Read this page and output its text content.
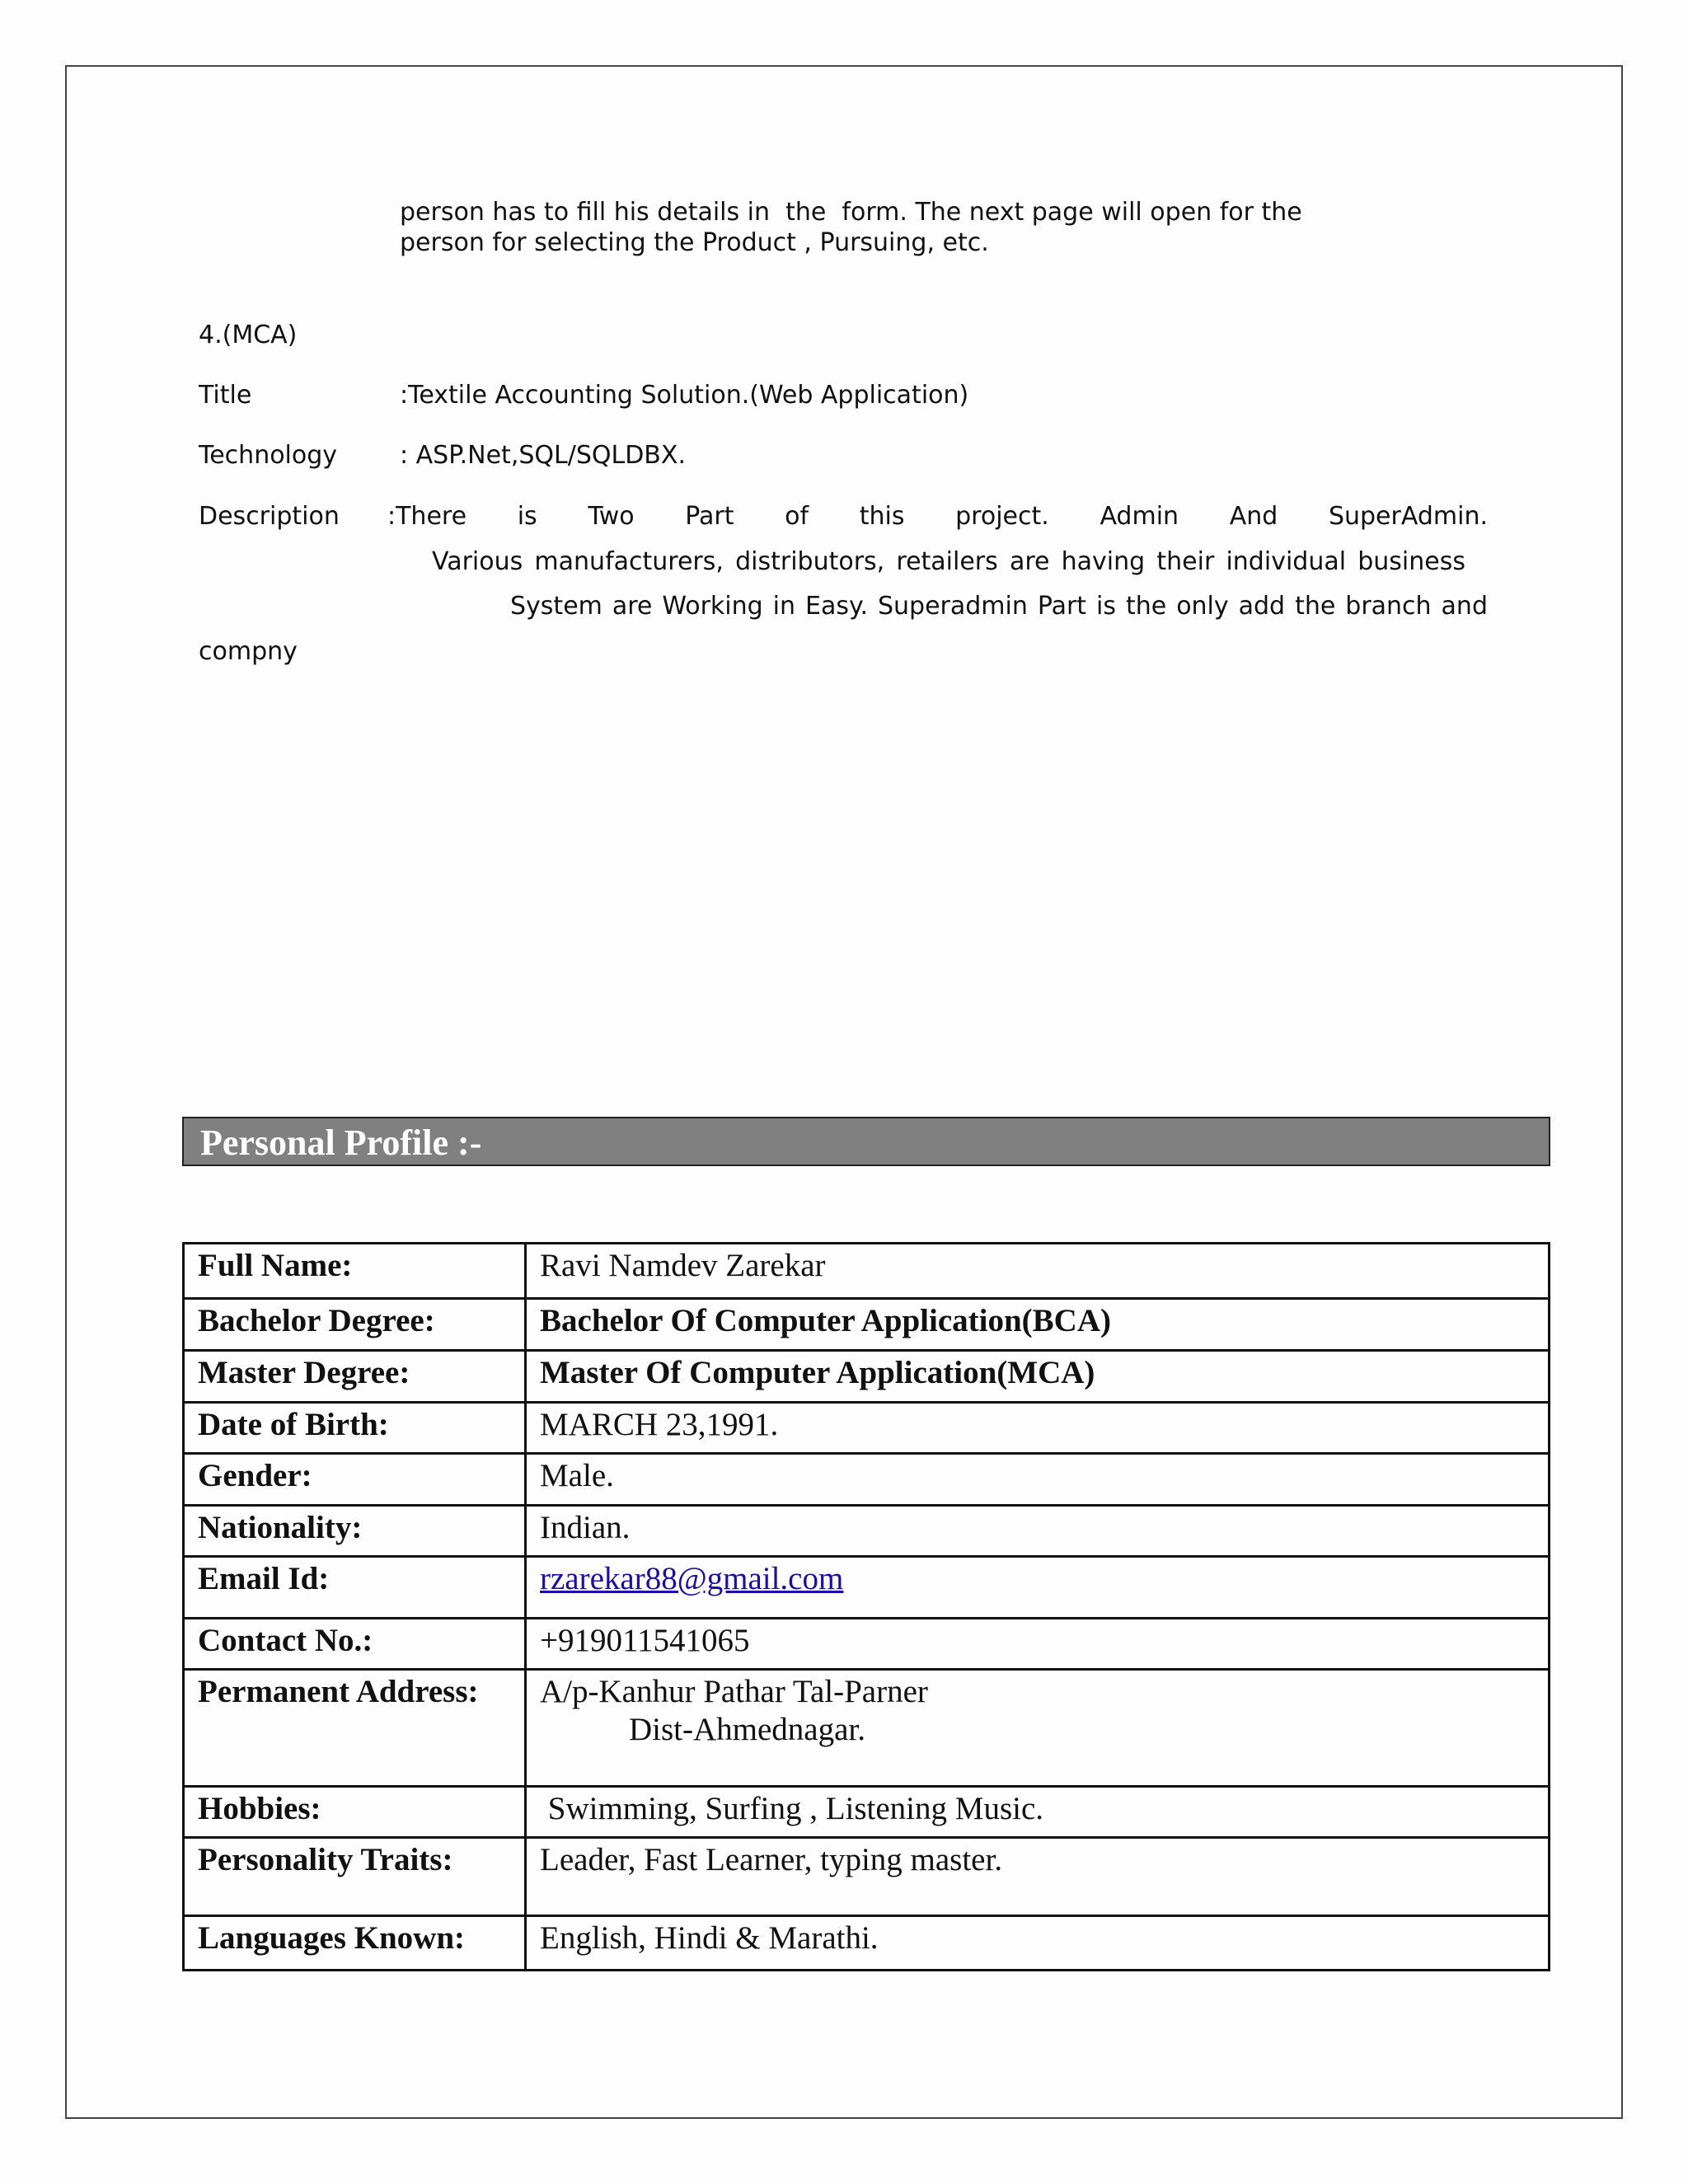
person has to fill his details in  the  form. The next page will open for the
person for selecting the Product , Pursuing, etc.
4.(MCA)
Title	:Textile Accounting Solution.(Web Application)
Technology	: ASP.Net,SQL/SQLDBX.
Description :There is Two Part of this project. Admin And SuperAdmin.
Various manufacturers, distributors, retailers are having their individual business
System are Working in Easy. Superadmin Part is the only add the branch and
compny
Personal Profile :-
Full Name:	Ravi Namdev Zarekar
Bachelor Degree:	Bachelor Of Computer Application(BCA)
Master Degree:	Master Of Computer Application(MCA)
Date of Birth:	MARCH 23,1991.
Gender:	Male.
Nationality:	Indian.
Email Id:	rzarekar88@gmail.com
Contact No.:	+919011541065
Permanent Address:	A/p-Kanhur Pathar Tal-Parner
Dist-Ahmednagar.

Hobbies:	Swimming, Surfing , Listening Music.
Personality Traits:	Leader, Fast Learner, typing master.
Languages Known:	English, Hindi & Marathi.
